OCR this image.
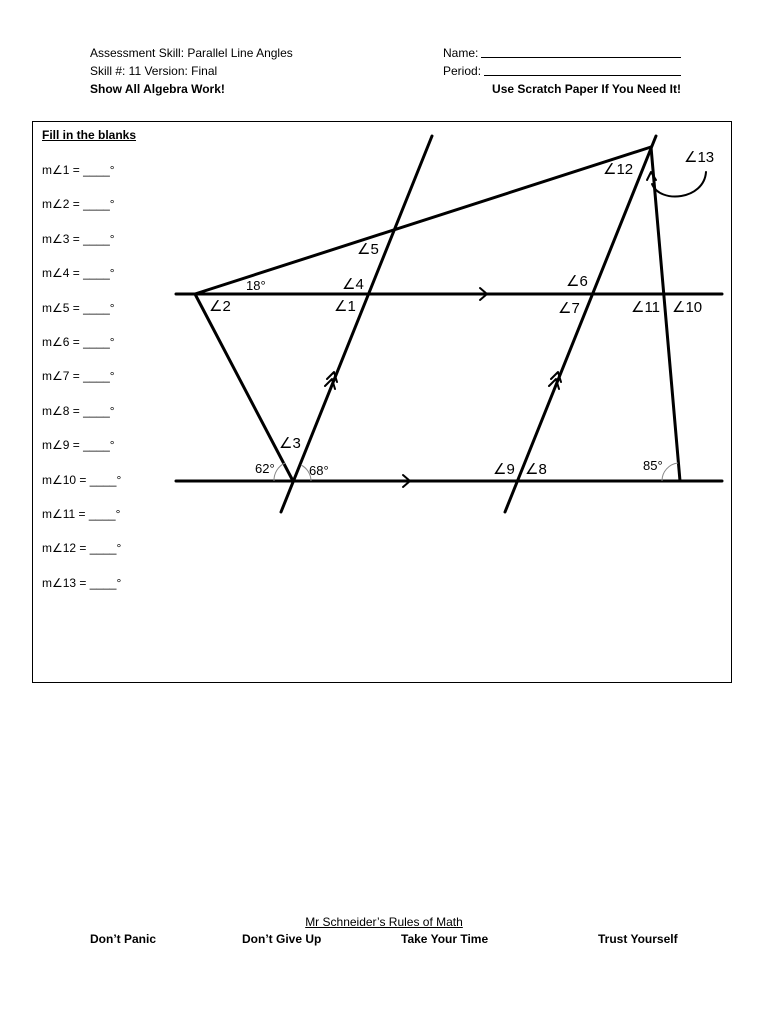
Assessment Skill: Parallel Line Angles
Skill #: 11 Version: Final
Show All Algebra Work!
Name:
Period:
Use Scratch Paper If You Need It!
Fill in the blanks
m∠1 = ____°
m∠2 = ____°
m∠3 = ____°
m∠4 = ____°
m∠5 = ____°
m∠6 = ____°
m∠7 = ____°
m∠8 = ____°
m∠9 = ____°
m∠10 = ____°
m∠11 = ____°
m∠12 = ____°
m∠13 = ____°
∠5
∠4
∠1
∠2
∠3
∠6
∠7	∠11 ∠10
∠12
∠13
∠9 ∠8
18°
62°	68°	85°
Mr Schneider’s Rules of Math
Don’t Panic	Don’t Give Up	Take Your Time	Trust Yourself
